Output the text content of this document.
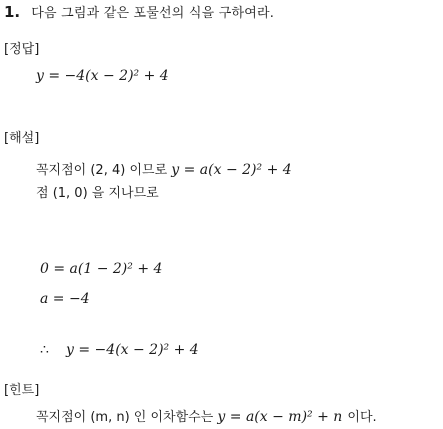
1. 다음 그림과 같은 포물선의 식을 구하여라.
[정답]
y = −4(x − 2)² + 4
[해설]
꼭지점이 (2, 4) 이므로 y = a(x − 2)² + 4
점 (1, 0) 을 지나므로
0 = a(1 − 2)² + 4
a = −4
∴ y = −4(x − 2)² + 4
[힌트]
꼭지점이 (m, n) 인 이차함수는 y = a(x − m)² + n 이다.
